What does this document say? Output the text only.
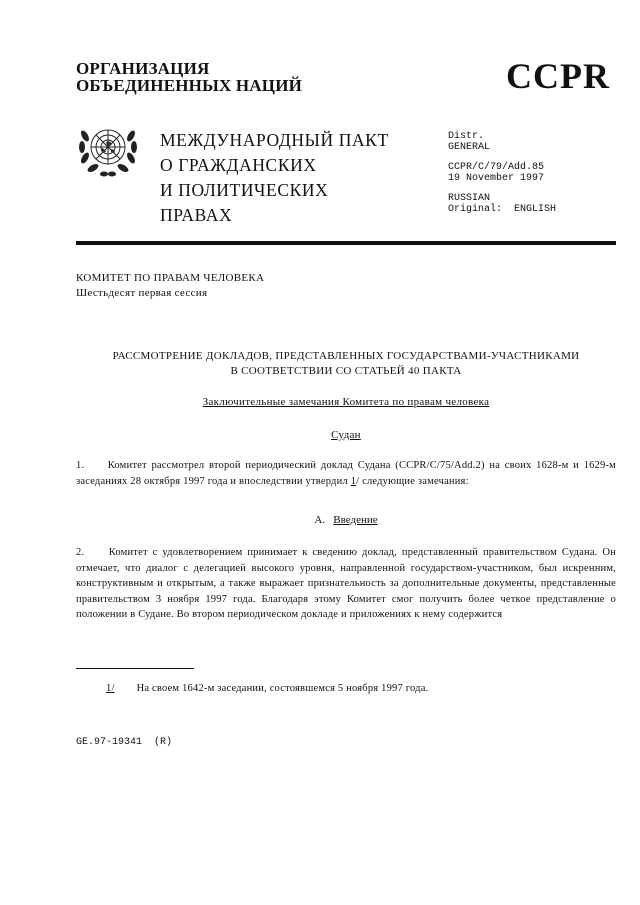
ОРГАНИЗАЦИЯ
ОБЪЕДИНЕННЫХ НАЦИЙ	CCPR
МЕЖДУНАРОДНЫЙ ПАКТ
О ГРАЖДАНСКИХ
И ПОЛИТИЧЕСКИХ
ПРАВАХ
Distr.
GENERAL
CCPR/C/79/Add.85
19 November 1997
RUSSIAN
Original:  ENGLISH
КОМИТЕТ ПО ПРАВАМ ЧЕЛОВЕКА
Шестьдесят первая сессия
РАССМОТРЕНИЕ ДОКЛАДОВ, ПРЕДСТАВЛЕННЫХ ГОСУДАРСТВАМИ-УЧАСТНИКАМИ
В СООТВЕТСТВИИ СО СТАТЬЕЙ 40 ПАКТА
Заключительные замечания Комитета по правам человека
Судан
1. Комитет рассмотрел второй периодический доклад Судана (CCPR/C/75/Add.2) на своих 1628-м и 1629-м заседаниях 28 октября 1997 года и впоследствии утвердил 1/ следующие замечания:
A. Введение
2. Комитет с удовлетворением принимает к сведению доклад, представленный правительством Судана. Он отмечает, что диалог с делегацией высокого уровня, направленной государством-участником, был искренним, конструктивным и открытым, а также выражает признательность за дополнительные документы, представленные правительством 3 ноября 1997 года. Благодаря этому Комитет смог получить более четкое представление о положении в Судане. Во втором периодическом докладе и приложениях к нему содержится
1/ На своем 1642-м заседании, состоявшемся 5 ноября 1997 года.
GE.97-19341  (R)
